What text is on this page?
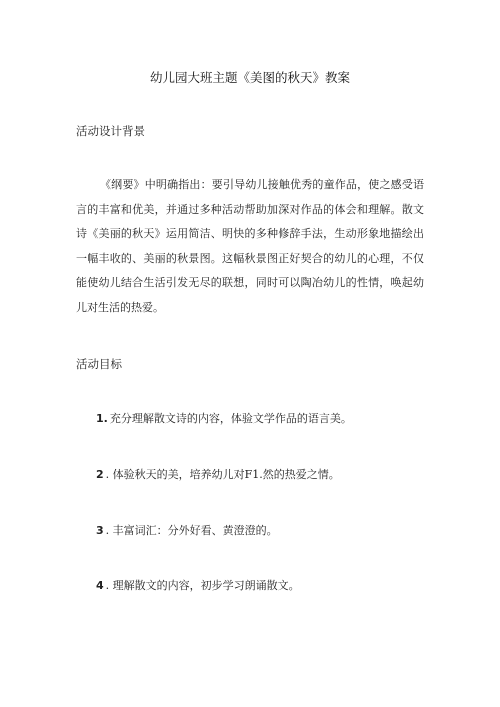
幼儿园大班主题《美图的秋天》教案
活动设计背景
《纲要》中明确指出：要引导幼儿接触优秀的童作品，使之感受语言的丰富和优美，并通过多种活动帮助加深对作品的体会和理解。散文诗《美丽的秋天》运用简洁、明快的多种修辞手法，生动形象地描绘出一幅丰收的、美丽的秋景图。这幅秋景图正好契合的幼儿的心理，不仅能使幼儿结合生活引发无尽的联想，同时可以陶冶幼儿的性情，唤起幼儿对生活的热爱。
活动目标
1. 充分理解散文诗的内容，体验文学作品的语言美。
2 . 体验秋天的美，培养幼儿对F1.然的热爱之情。
3 . 丰富词汇：分外好看、黄澄澄的。
4 . 理解散文的内容，初步学习朗诵散文。
